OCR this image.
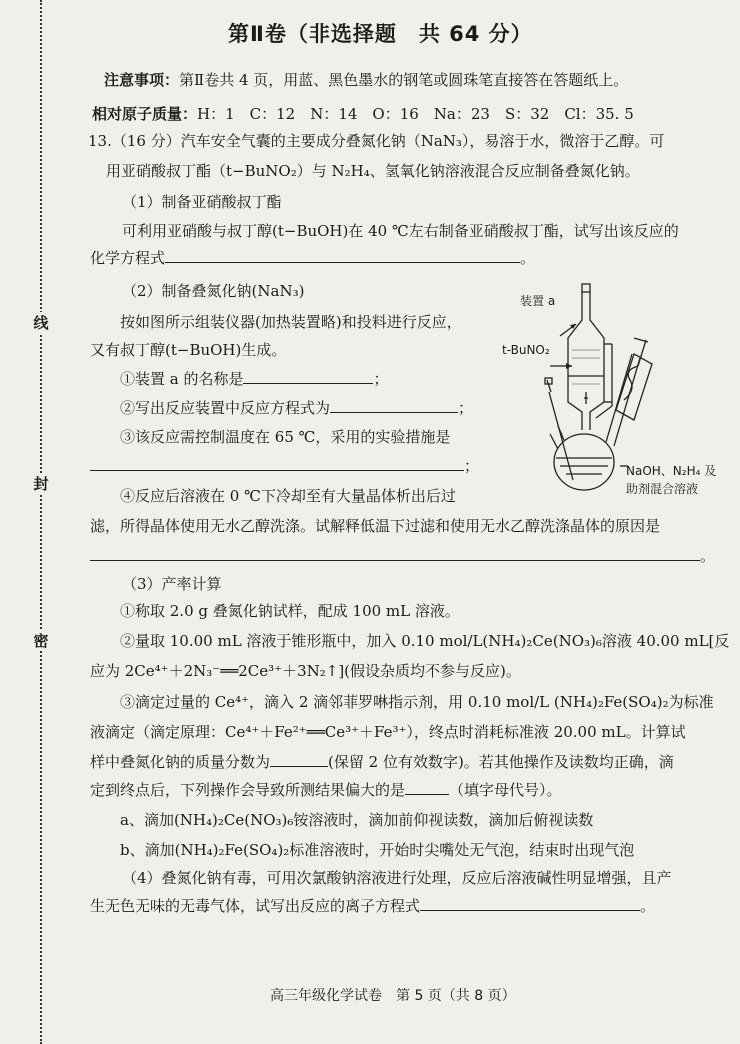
线
封
密
第Ⅱ卷（非选择题　共 64 分）
注意事项：第Ⅱ卷共 4 页，用蓝、黑色墨水的钢笔或圆珠笔直接答在答题纸上。
相对原子质量：H：1　C：12　N：14　O：16　Na：23　S：32　Cl：35. 5
13.（16 分）汽车安全气囊的主要成分叠氮化钠（NaN₃），易溶于水，微溶于乙醇。可
用亚硝酸叔丁酯（t−BuNO₂）与 N₂H₄、氢氧化钠溶液混合反应制备叠氮化钠。
（1）制备亚硝酸叔丁酯
可利用亚硝酸与叔丁醇(t−BuOH)在 40 ℃左右制备亚硝酸叔丁酯，试写出该反应的
化学方程式	。
（2）制备叠氮化钠(NaN₃)
按如图所示组装仪器(加热装置略)和投料进行反应，
又有叔丁醇(t−BuOH)生成。
①装置 a 的名称是	；
②写出反应装置中反应方程式为	；
③该反应需控制温度在 65 ℃，采用的实验措施是
；
④反应后溶液在 0 ℃下冷却至有大量晶体析出后过
滤，所得晶体使用无水乙醇洗涤。试解释低温下过滤和使用无水乙醇洗涤晶体的原因是
。
（3）产率计算
①称取 2.0 g 叠氮化钠试样，配成 100 mL 溶液。
②量取 10.00 mL 溶液于锥形瓶中，加入 0.10 mol/L(NH₄)₂Ce(NO₃)₆溶液 40.00 mL[反
应为 2Ce⁴⁺＋2N₃⁻══2Ce³⁺＋3N₂↑](假设杂质均不参与反应)。
③滴定过量的 Ce⁴⁺，滴入 2 滴邻菲罗啉指示剂，用 0.10 mol/L (NH₄)₂Fe(SO₄)₂为标准
液滴定（滴定原理：Ce⁴⁺＋Fe²⁺══Ce³⁺＋Fe³⁺），终点时消耗标准液 20.00 mL。计算试
样中叠氮化钠的质量分数为	(保留 2 位有效数字)。若其他操作及读数均正确，滴
定到终点后，下列操作会导致所测结果偏大的是	（填字母代号）。
a、滴加(NH₄)₂Ce(NO₃)₆铵溶液时，滴加前仰视读数，滴加后俯视读数
b、滴加(NH₄)₂Fe(SO₄)₂标准溶液时，开始时尖嘴处无气泡，结束时出现气泡
（4）叠氮化钠有毒，可用次氯酸钠溶液进行处理，反应后溶液碱性明显增强，且产
生无色无味的无毒气体，试写出反应的离子方程式	。
装置 a
t-BuNO₂
NaOH、N₂H₄ 及
助剂混合溶液
高三年级化学试卷　第 5 页（共 8 页）
